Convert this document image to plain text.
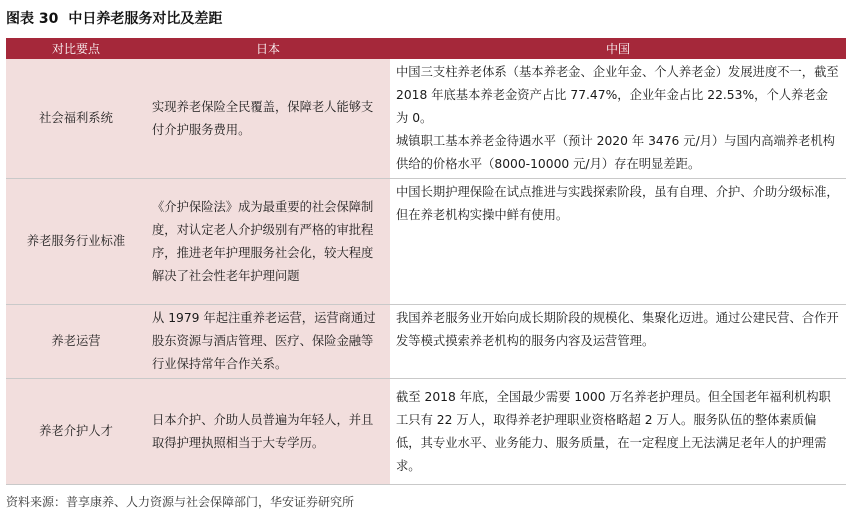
图表 30 中日养老服务对比及差距
对比要点	日本	中国

社会福利系统	实现养老保险全民覆盖，保障老人能够支付介护服务费用。	中国三支柱养老体系（基本养老金、企业年金、个人养老金）发展进度不一，截至 2018 年底基本养老金资产占比 77.47%，企业年金占比 22.53%，个人养老金为 0。

城镇职工基本养老金待遇水平（预计 2020 年 3476 元/月）与国内高端养老机构供给的价格水平（8000-10000 元/月）存在明显差距。

养老服务行业标准	《介护保险法》成为最重要的社会保障制度，对认定老人介护级别有严格的审批程序，推进老年护理服务社会化，较大程度解决了社会性老年护理问题	中国长期护理保险在试点推进与实践探索阶段，虽有自理、介护、介助分级标准，但在养老机构实操中鲜有使用。

养老运营	从 1979 年起注重养老运营，运营商通过股东资源与酒店管理、医疗、保险金融等行业保持常年合作关系。	我国养老服务业开始向成长期阶段的规模化、集聚化迈进。通过公建民营、合作开发等模式摸索养老机构的服务内容及运营管理。

养老介护人才	日本介护、介助人员普遍为年轻人，并且取得护理执照相当于大专学历。	截至 2018 年底，全国最少需要 1000 万名养老护理员。但全国老年福利机构职工只有 22 万人，取得养老护理职业资格略超 2 万人。服务队伍的整体素质偏低，其专业水平、业务能力、服务质量，在一定程度上无法满足老年人的护理需求。

资料来源：普享康养、人力资源与社会保障部门，华安证券研究所
